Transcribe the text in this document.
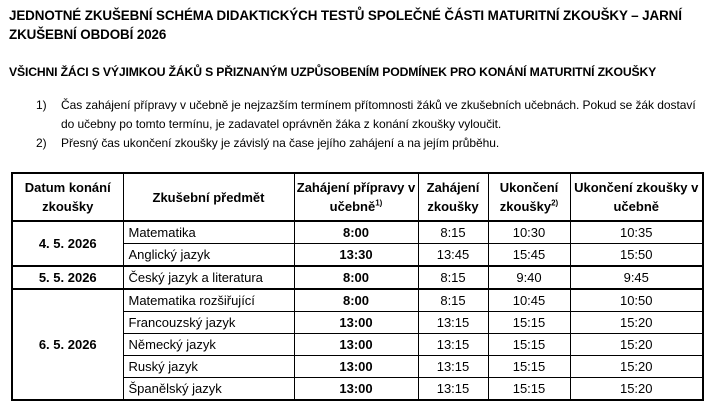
JEDNOTNÉ ZKUŠEBNÍ SCHÉMA DIDAKTICKÝCH TESTŮ SPOLEČNÉ ČÁSTI MATURITNÍ ZKOUŠKY – JARNÍ ZKUŠEBNÍ OBDOBÍ 2026
VŠICHNI ŽÁCI S VÝJIMKOU ŽÁKŮ S PŘIZNANÝM UZPŮSOBENÍM PODMÍNEK PRO KONÁNÍ MATURITNÍ ZKOUŠKY
1) Čas zahájení přípravy v učebně je nejzazším termínem přítomnosti žáků ve zkušebních učebnách. Pokud se žák dostaví do učebny po tomto termínu, je zadavatel oprávněn žáka z konání zkoušky vyloučit.
2) Přesný čas ukončení zkoušky je závislý na čase jejího zahájení a na jejím průběhu.
Datum konání zkoušky	Zkušební předmět	Zahájení přípravy v učebně$^{1)}$	Zahájení zkoušky	Ukončení zkoušky$^{2)}$	Ukončení zkoušky v učebně
4. 5. 2026	Matematika	8:00	8:15	10:30	10:35
	Anglický jazyk	13:30	13:45	15:45	15:50
5. 5. 2026	Český jazyk a literatura	8:00	8:15	9:40	9:45
6. 5. 2026	Matematika rozšiřující	8:00	8:15	10:45	10:50
	Francouzský jazyk	13:00	13:15	15:15	15:20
	Německý jazyk	13:00	13:15	15:15	15:20
	Ruský jazyk	13:00	13:15	15:15	15:20
	Španělský jazyk	13:00	13:15	15:15	15:20
